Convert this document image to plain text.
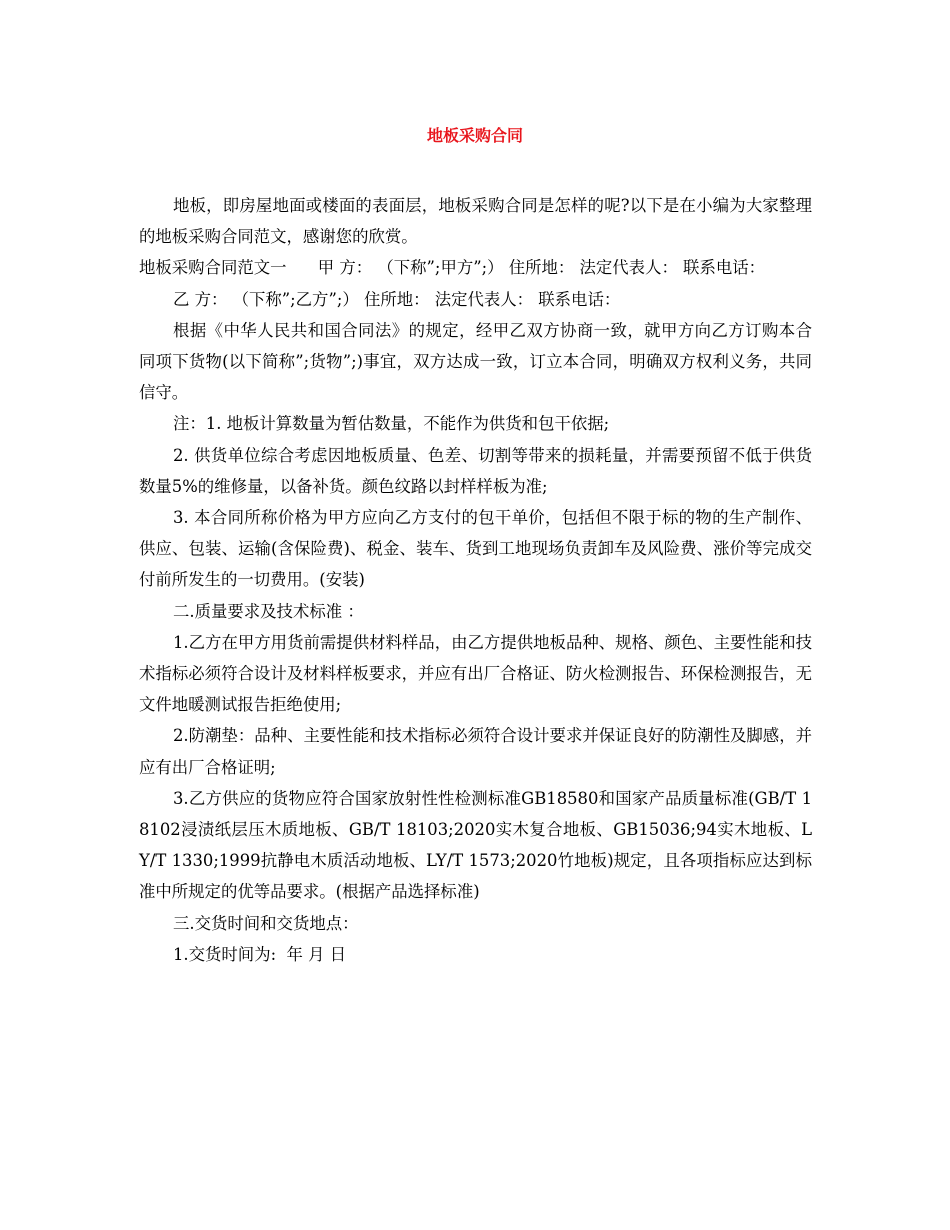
地板采购合同

地板，即房屋地面或楼面的表面层，地板采购合同是怎样的呢?以下是在小编为大家整理的地板采购合同范文，感谢您的欣赏。

地板采购合同范文一      甲 方： （下称”;甲方”;） 住所地： 法定代表人： 联系电话：

乙 方： （下称”;乙方”;） 住所地： 法定代表人： 联系电话：

根据《中华人民共和国合同法》的规定，经甲乙双方协商一致，就甲方向乙方订购本合同项下货物(以下简称”;货物”;)事宜，双方达成一致，订立本合同，明确双方权利义务，共同信守。

注：1. 地板计算数量为暂估数量，不能作为供货和包干依据;

2. 供货单位综合考虑因地板质量、色差、切割等带来的损耗量，并需要预留不低于供货数量5%的维修量，以备补货。颜色纹路以封样样板为准;

3. 本合同所称价格为甲方应向乙方支付的包干单价，包括但不限于标的物的生产制作、供应、包装、运输(含保险费)、税金、装车、货到工地现场负责卸车及风险费、涨价等完成交付前所发生的一切费用。(安装)

二.质量要求及技术标准 ：

1.乙方在甲方用货前需提供材料样品，由乙方提供地板品种、规格、颜色、主要性能和技术指标必须符合设计及材料样板要求，并应有出厂合格证、防火检测报告、环保检测报告，无文件地暖测试报告拒绝使用;

2.防潮垫：品种、主要性能和技术指标必须符合设计要求并保证良好的防潮性及脚感，并应有出厂合格证明;

3.乙方供应的货物应符合国家放射性性检测标准GB18580和国家产品质量标准(GB/T 18102浸渍纸层压木质地板、GB/T 18103;2020实木复合地板、GB15036;94实木地板、LY/T 1330;1999抗静电木质活动地板、LY/T 1573;2020竹地板)规定，且各项指标应达到标准中所规定的优等品要求。(根据产品选择标准)

三.交货时间和交货地点：

1.交货时间为:  年 月 日
